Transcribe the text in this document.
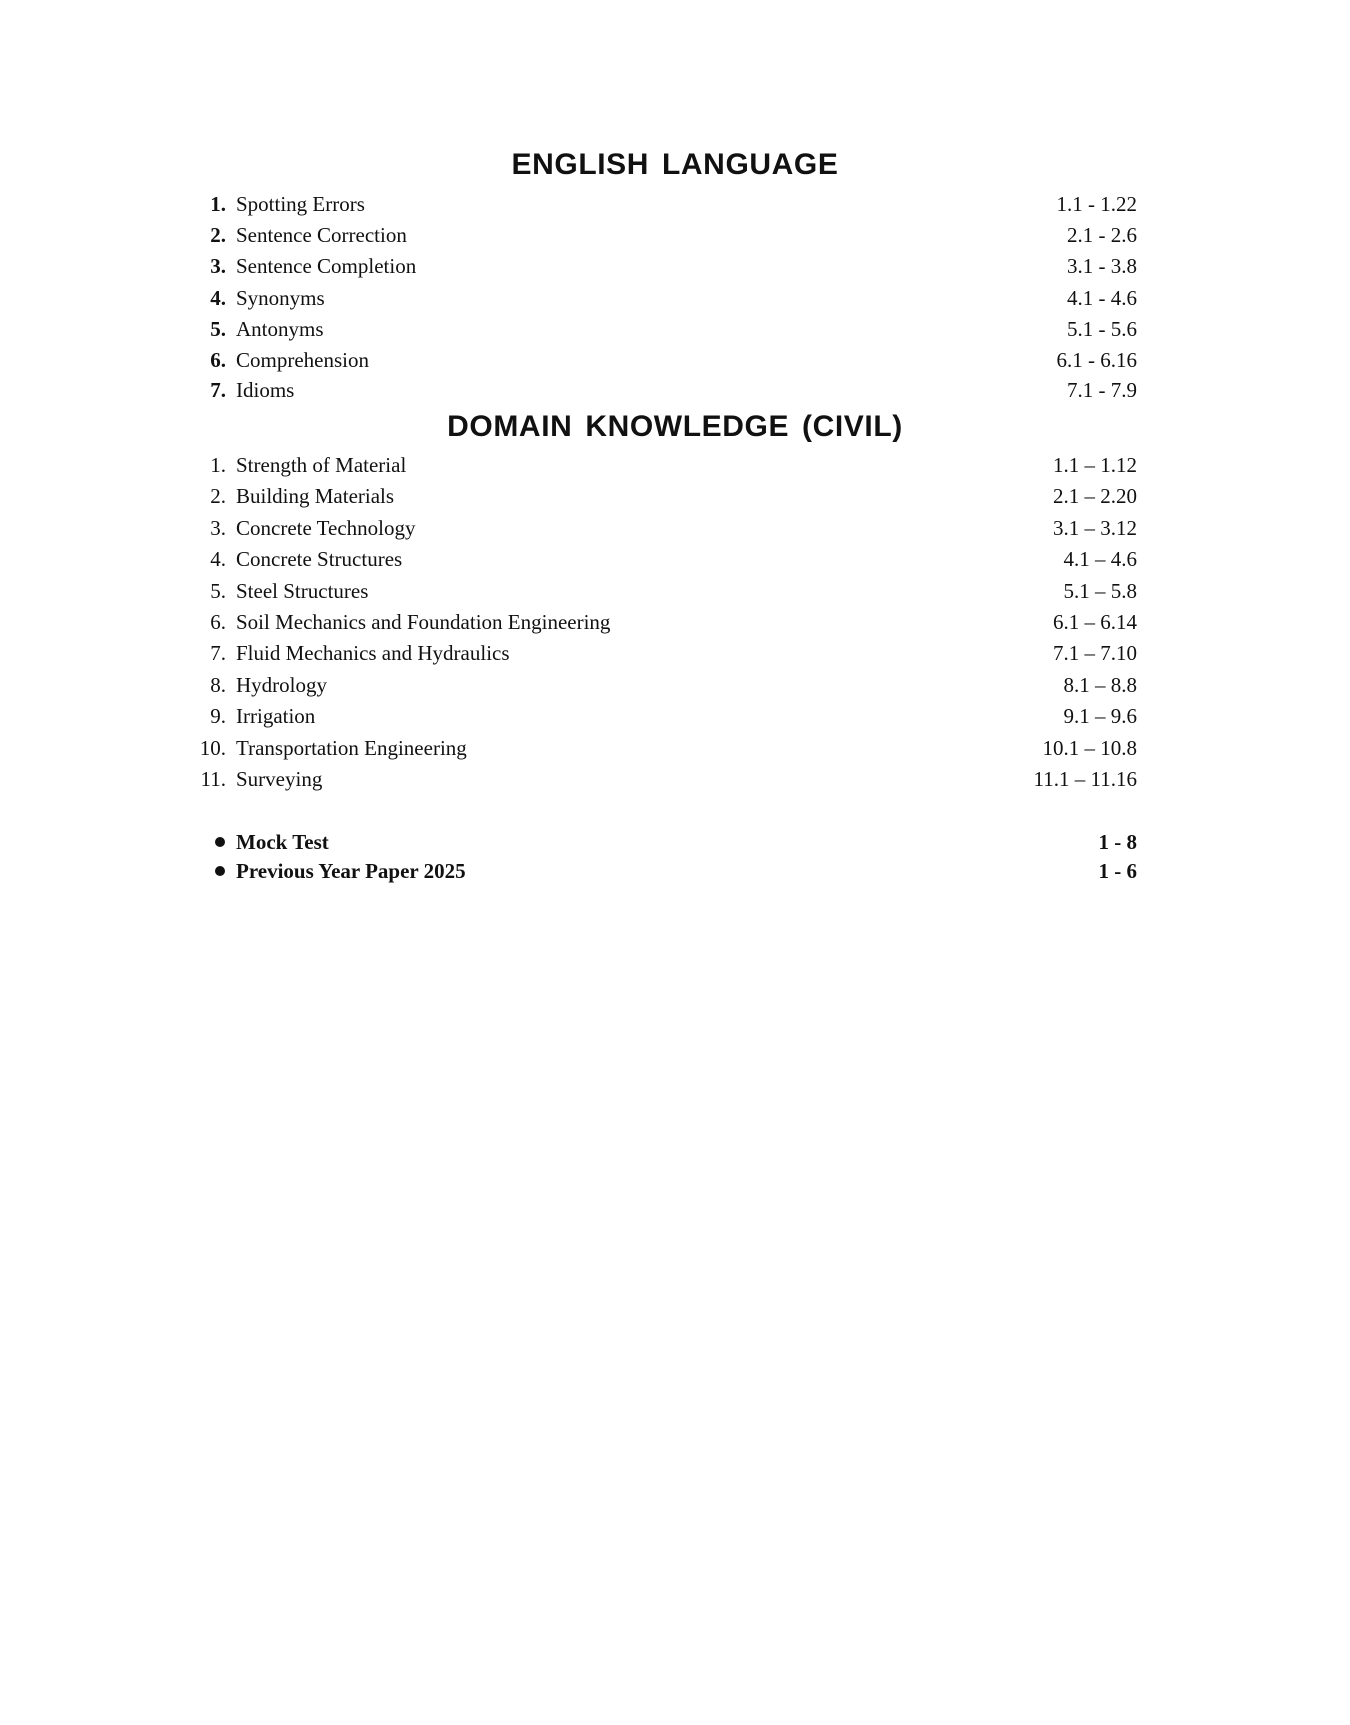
ENGLISH LANGUAGE
1. Spotting Errors	1.1 - 1.22
2. Sentence Correction	2.1 - 2.6
3. Sentence Completion	3.1 - 3.8
4. Synonyms	4.1 - 4.6
5. Antonyms	5.1 - 5.6
6. Comprehension	6.1 - 6.16
7. Idioms	7.1 - 7.9
DOMAIN KNOWLEDGE (CIVIL)
1. Strength of Material	1.1 – 1.12
2. Building Materials	2.1 – 2.20
3. Concrete Technology	3.1 – 3.12
4. Concrete Structures	4.1 – 4.6
5. Steel Structures	5.1 – 5.8
6. Soil Mechanics and Foundation Engineering	6.1 – 6.14
7. Fluid Mechanics and Hydraulics	7.1 – 7.10
8. Hydrology	8.1 – 8.8
9. Irrigation	9.1 – 9.6
10. Transportation Engineering	10.1 – 10.8
11. Surveying	11.1 – 11.16
Mock Test	1 - 8
Previous Year Paper 2025	1 - 6
